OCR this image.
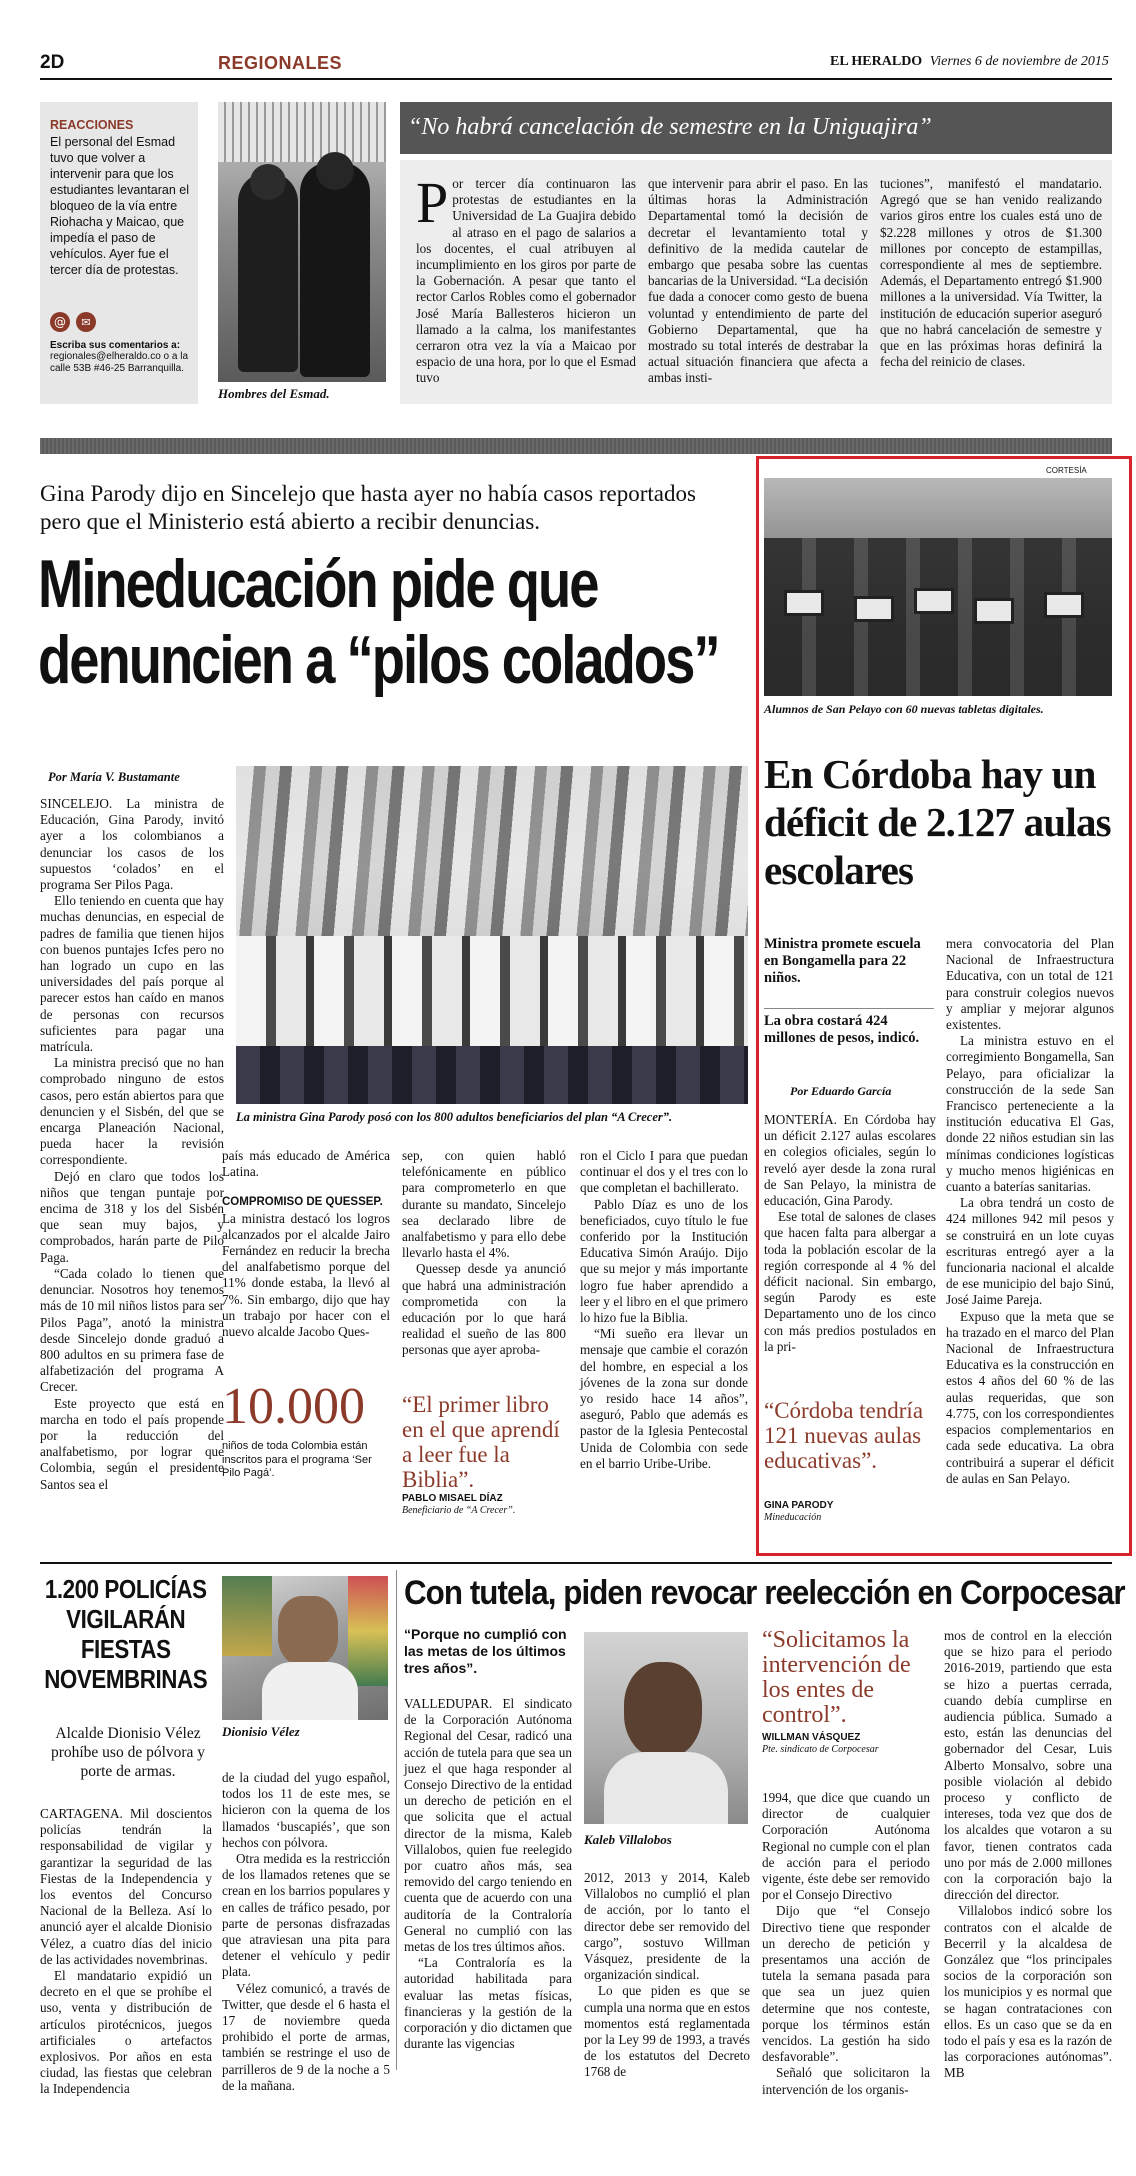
2D	REGIONALES	EL HERALDO Viernes 6 de noviembre de 2015
REACCIONES
El personal del Esmad tuvo que volver a intervenir para que los estudiantes levantaran el bloqueo de la vía entre Riohacha y Maicao, que impedía el paso de vehículos. Ayer fue el tercer día de protestas.
@	✉
Escriba sus comentarios a:
regionales@elheraldo.co o a la calle 53B #46-25 Barranquilla.
Hombres del Esmad.
“No habrá cancelación de semestre en la Uniguajira”
P or tercer día continuaron las protestas de estudiantes en la Universidad de La Guajira debido al atraso en el pago de salarios a los docentes, el cual atribuyen al incumplimiento en los giros por parte de la Gobernación. A pesar que tanto el rector Carlos Robles como el gobernador José María Ballesteros hicieron un llamado a la calma, los manifestantes cerraron otra vez la vía a Maicao por espacio de una hora, por lo que el Esmad tuvo
que intervenir para abrir el paso. En las últimas horas la Administración Departamental tomó la decisión de decretar el levantamiento total y definitivo de la medida cautelar de embargo que pesaba sobre las cuentas bancarias de la Universidad. “La decisión fue dada a conocer como gesto de buena voluntad y entendimiento de parte del Gobierno Departamental, que ha mostrado su total interés de destrabar la actual situación financiera que afecta a ambas insti-
tuciones”, manifestó el mandatario. Agregó que se han venido realizando varios giros entre los cuales está uno de $2.228 millones y otros de $1.300 millones por concepto de estampillas, correspondiente al mes de septiembre. Además, el Departamento entregó $1.900 millones a la universidad. Vía Twitter, la institución de educación superior aseguró que no habrá cancelación de semestre y que en las próximas horas definirá la fecha del reinicio de clases.
Gina Parody dijo en Sincelejo que hasta ayer no había casos reportados pero que el Ministerio está abierto a recibir denuncias.
Mineducación pide que
denuncien a “pilos colados”
Por María V. Bustamante
La ministra Gina Parody posó con los 800 adultos beneficiarios del plan “A Crecer”.

SINCELEJO. La ministra de Educación, Gina Parody, invitó ayer a los colombianos a denunciar los casos de los supuestos ‘colados’ en el programa Ser Pilos Paga.

Ello teniendo en cuenta que hay muchas denuncias, en especial de padres de familia que tienen hijos con buenos puntajes Icfes pero no han logrado un cupo en las universidades del país porque al parecer estos han caído en manos de personas con recursos suficientes para pagar una matrícula.

La ministra precisó que no han comprobado ninguno de estos casos, pero están abiertos para que denuncien y el Sisbén, del que se encarga Planeación Nacional, pueda hacer la revisión correspondiente.

Dejó en claro que todos los niños que tengan puntaje por encima de 318 y los del Sisbén que sean muy bajos, y comprobados, harán parte de Pilo Paga.

“Cada colado lo tienen que denunciar. Nosotros hoy tenemos más de 10 mil niños listos para ser Pilos Paga”, anotó la ministra desde Sincelejo donde graduó a 800 adultos en su primera fase de alfabetización del programa A Crecer.

Este proyecto que está en marcha en todo el país propende por la reducción del analfabetismo, por lograr que Colombia, según el presidente Santos sea el

país más educado de América Latina.

COMPROMISO DE QUESSEP.

La ministra destacó los logros alcanzados por el alcalde Jairo Fernández en reducir la brecha del analfabetismo porque del 11% donde estaba, la llevó al 7%. Sin embargo, dijo que hay un trabajo por hacer con el nuevo alcalde Jacobo Ques-

sep, con quien habló telefónicamente en público para comprometerlo en que durante su mandato, Sincelejo sea declarado libre de analfabetismo y para ello debe llevarlo hasta el 4%.

Quessep desde ya anunció que habrá una administración comprometida con la educación por lo que hará realidad el sueño de las 800 personas que ayer aproba-

ron el Ciclo I para que puedan continuar el dos y el tres con lo que completan el bachillerato.

Pablo Díaz es uno de los beneficiados, cuyo título le fue conferido por la Institución Educativa Simón Araújo. Dijo que su mejor y más importante logro fue haber aprendido a leer y el libro en el que primero lo hizo fue la Biblia.

“Mi sueño era llevar un mensaje que cambie el corazón del hombre, en especial a los jóvenes de la zona sur donde yo resido hace 14 años”, aseguró, Pablo que además es pastor de la Iglesia Pentecostal Unida de Colombia con sede en el barrio Uribe-Uribe.

10.000
niños de toda Colombia están inscritos para el programa ‘Ser Pilo Pagá’.
“El primer libro en el que aprendí a leer fue la Biblia”.
PABLO MISAEL DÍAZ
Beneficiario de “A Crecer”.
CORTESÍA
Alumnos de San Pelayo con 60 nuevas tabletas digitales.
En Córdoba hay un déficit de 2.127 aulas escolares
Ministra promete escuela en Bongamella para 22 niños.
La obra costará 424 millones de pesos, indicó.
Por Eduardo García

MONTERÍA. En Córdoba hay un déficit 2.127 aulas escolares en colegios oficiales, según lo reveló ayer desde la zona rural de San Pelayo, la ministra de educación, Gina Parody.

Ese total de salones de clases que hacen falta para albergar a toda la población escolar de la región corresponde al 4 % del déficit nacional. Sin embargo, según Parody es este Departamento uno de los cinco con más predios postulados en la pri-

“Córdoba tendría 121 nuevas aulas educativas”.
GINA PARODY
Mineducación

mera convocatoria del Plan Nacional de Infraestructura Educativa, con un total de 121 para construir colegios nuevos y ampliar y mejorar algunos existentes.

La ministra estuvo en el corregimiento Bongamella, San Pelayo, para oficializar la construcción de la sede San Francisco perteneciente a la institución educativa El Gas, donde 22 niños estudian sin las mínimas condiciones logísticas y mucho menos higiénicas en cuanto a baterías sanitarias.

La obra tendrá un costo de 424 millones 942 mil pesos y se construirá en un lote cuyas escrituras entregó ayer a la funcionaria nacional el alcalde de ese municipio del bajo Sinú, José Jaime Pareja.

Expuso que la meta que se ha trazado en el marco del Plan Nacional de Infraestructura Educativa es la construcción en estos 4 años del 60 % de las aulas requeridas, que son 4.775, con los correspondientes espacios complementarios en cada sede educativa. La obra contribuirá a superar el déficit de aulas en San Pelayo.

1.200 POLICÍAS VIGILARÁN FIESTAS NOVEMBRINAS
Dionisio Vélez
Alcalde Dionisio Vélez prohíbe uso de pólvora y porte de armas.

CARTAGENA. Mil doscientos policías tendrán la responsabilidad de vigilar y garantizar la seguridad de las Fiestas de la Independencia y los eventos del Concurso Nacional de la Belleza. Así lo anunció ayer el alcalde Dionisio Vélez, a cuatro días del inicio de las actividades novembrinas.

El mandatario expidió un decreto en el que se prohíbe el uso, venta y distribución de artículos pirotécnicos, juegos artificiales o artefactos explosivos. Por años en esta ciudad, las fiestas que celebran la Independencia

de la ciudad del yugo español, todos los 11 de este mes, se hicieron con la quema de los llamados ‘buscapiés’, que son hechos con pólvora.

Otra medida es la restricción de los llamados retenes que se crean en los barrios populares y en calles de tráfico pesado, por parte de personas disfrazadas que atraviesan una pita para detener el vehículo y pedir plata.

Vélez comunicó, a través de Twitter, que desde el 6 hasta el 17 de noviembre queda prohibido el porte de armas, también se restringe el uso de parrilleros de 9 de la noche a 5 de la mañana.

Con tutela, piden revocar reelección en Corpocesar
“Porque no cumplió con las metas de los últimos tres años”.

VALLEDUPAR. El sindicato de la Corporación Autónoma Regional del Cesar, radicó una acción de tutela para que sea un juez el que haga responder al Consejo Directivo de la entidad un derecho de petición en el que solicita que el actual director de la misma, Kaleb Villalobos, quien fue reelegido por cuatro años más, sea removido del cargo teniendo en cuenta que de acuerdo con una auditoría de la Contraloría General no cumplió con las metas de los tres últimos años.

“La Contraloría es la autoridad habilitada para evaluar las metas físicas, financieras y la gestión de la corporación y dio dictamen que durante las vigencias

Kaleb Villalobos

2012, 2013 y 2014, Kaleb Villalobos no cumplió el plan de acción, por lo tanto el director debe ser removido del cargo”, sostuvo Willman Vásquez, presidente de la organización sindical.

Lo que piden es que se cumpla una norma que en estos momentos está reglamentada por la Ley 99 de 1993, a través de los estatutos del Decreto 1768 de

“Solicitamos la intervención de los entes de control”.
WILLMAN VÁSQUEZ
Pte. sindicato de Corpocesar

1994, que dice que cuando un director de cualquier Corporación Autónoma Regional no cumple con el plan de acción para el periodo vigente, éste debe ser removido por el Consejo Directivo

Dijo que “el Consejo Directivo tiene que responder un derecho de petición y presentamos una acción de tutela la semana pasada para que sea un juez quien determine que nos conteste, porque los términos están vencidos. La gestión ha sido desfavorable”.

Señaló que solicitaron la intervención de los organis-

mos de control en la elección que se hizo para el periodo 2016-2019, partiendo que esta se hizo a puertas cerrada, cuando debía cumplirse en audiencia pública. Sumado a esto, están las denuncias del gobernador del Cesar, Luis Alberto Monsalvo, sobre una posible violación al debido proceso y conflicto de intereses, toda vez que dos de los alcaldes que votaron a su favor, tienen contratos cada uno por más de 2.000 millones con la corporación bajo la dirección del director.

Villalobos indicó sobre los contratos con el alcalde de Becerril y la alcaldesa de González que “los principales socios de la corporación son los municipios y es normal que se hagan contrataciones con ellos. Es un caso que se da en todo el país y esa es la razón de las corporaciones autónomas”. MB
